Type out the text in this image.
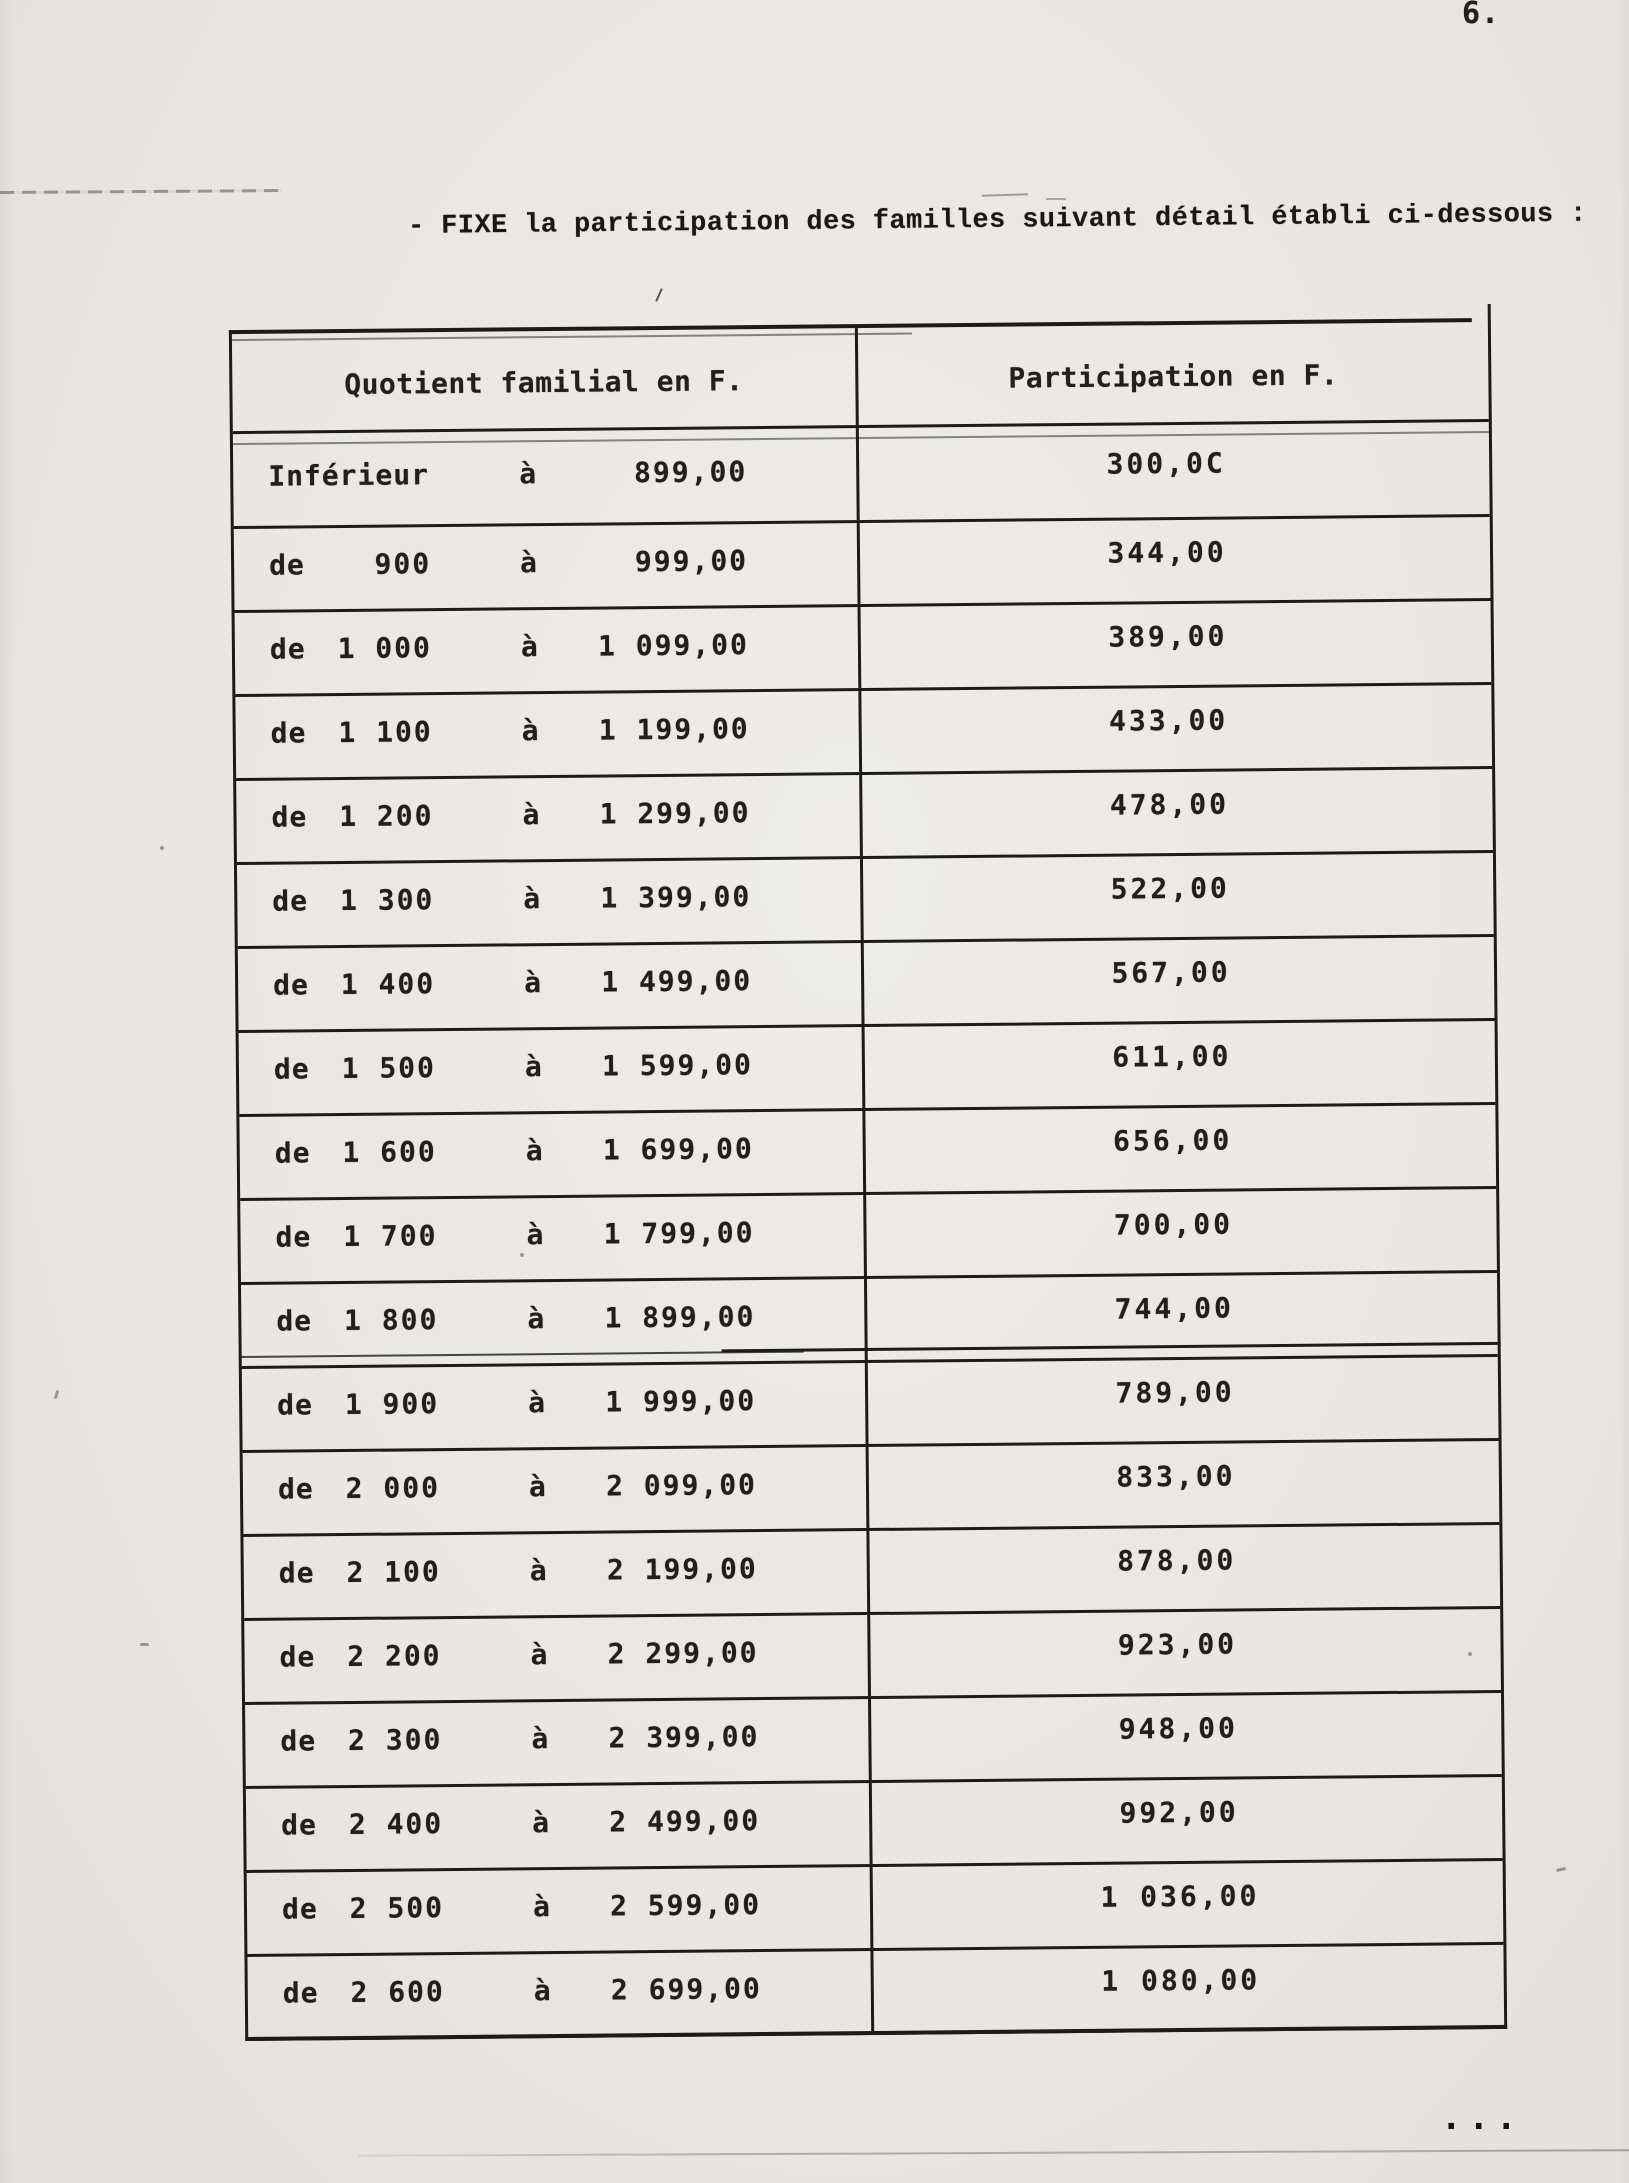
6.
- FIXE la participation des familles suivant détail établi ci-dessous :
Quotient familial en F.	Participation en F.
Inférieur	à	899,00	300,0C
de	900	à	999,00	344,00
de	1 000	à	1 099,00	389,00
de	1 100	à	1 199,00	433,00
de	1 200	à	1 299,00	478,00
de	1 300	à	1 399,00	522,00
de	1 400	à	1 499,00	567,00
de	1 500	à	1 599,00	611,00
de	1 600	à	1 699,00	656,00
de	1 700	à	1 799,00	700,00
de	1 800	à	1 899,00	744,00
de	1 900	à	1 999,00	789,00
de	2 000	à	2 099,00	833,00
de	2 100	à	2 199,00	878,00
de	2 200	à	2 299,00	923,00
de	2 300	à	2 399,00	948,00
de	2 400	à	2 499,00	992,00
de	2 500	à	2 599,00	1 036,00
de	2 600	à	2 699,00	1 080,00
...
